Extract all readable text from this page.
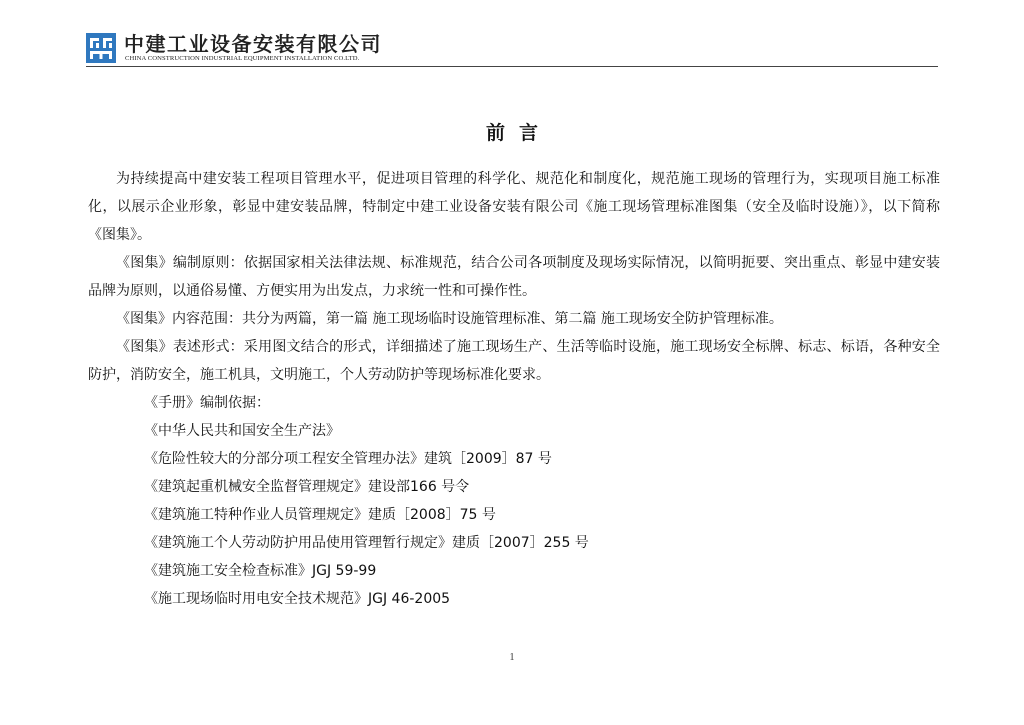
中建工业设备安装有限公司
CHINA CONSTRUCTION INDUSTRIAL EQUIPMENT INSTALLATION CO.LTD.
前言

为持续提高中建安装工程项目管理水平，促进项目管理的科学化、规范化和制度化，规范施工现场的管理行为，实现项目施工标准化，以展示企业形象，彰显中建安装品牌，特制定中建工业设备安装有限公司《施工现场管理标准图集（安全及临时设施）》，以下简称《图集》。

《图集》编制原则：依据国家相关法律法规、标准规范，结合公司各项制度及现场实际情况，以简明扼要、突出重点、彰显中建安装品牌为原则，以通俗易懂、方便实用为出发点，力求统一性和可操作性。

《图集》内容范围：共分为两篇，第一篇 施工现场临时设施管理标准、第二篇 施工现场安全防护管理标准。

《图集》表述形式：采用图文结合的形式，详细描述了施工现场生产、生活等临时设施，施工现场安全标牌、标志、标语，各种安全防护，消防安全，施工机具，文明施工，个人劳动防护等现场标准化要求。

《手册》编制依据：

《中华人民共和国安全生产法》

《危险性较大的分部分项工程安全管理办法》建筑［2009］87 号

《建筑起重机械安全监督管理规定》建设部166 号令

《建筑施工特种作业人员管理规定》建质［2008］75 号

《建筑施工个人劳动防护用品使用管理暂行规定》建质［2007］255 号

《建筑施工安全检查标准》JGJ 59-99

《施工现场临时用电安全技术规范》JGJ 46-2005

1
